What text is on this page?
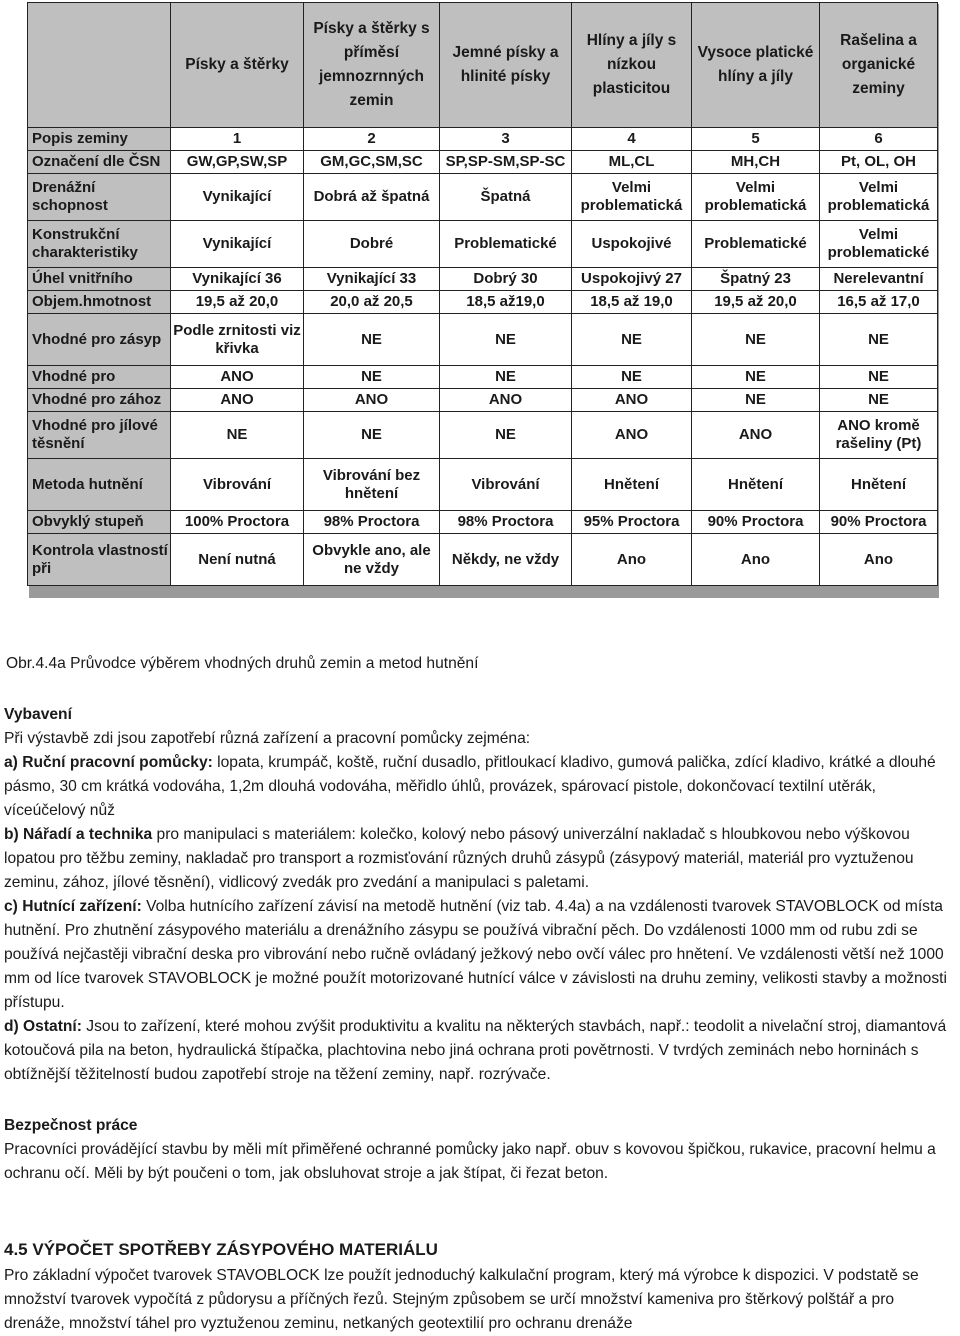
	Písky a štěrky	Písky a štěrky s příměsí jemnozrnných zemin	Jemné písky a hlinité písky	Hlíny a jíly s nízkou plasticitou	Vysoce platické hlíny a jíly	Rašelina a organické zeminy
Popis zeminy	1	2	3	4	5	6
Označení dle ČSN	GW,GP,SW,SP	GM,GC,SM,SC	SP,SP-SM,SP-SC	ML,CL	MH,CH	Pt, OL, OH
Drenážní schopnost	Vynikající	Dobrá až špatná	Špatná	Velmi problematická	Velmi problematická	Velmi problematická
Konstrukční charakteristiky	Vynikající	Dobré	Problematické	Uspokojivé	Problematické	Velmi problematické
Úhel vnitřního	Vynikající 36	Vynikající 33	Dobrý 30	Uspokojivý 27	Špatný 23	Nerelevantní
Objem.hmotnost	19,5 až 20,0	20,0 až 20,5	18,5 až19,0	18,5 až 19,0	19,5 až 20,0	16,5 až 17,0
Vhodné pro zásyp	Podle zrnitosti viz křivka	NE	NE	NE	NE	NE
Vhodné pro	ANO	NE	NE	NE	NE	NE
Vhodné pro zához	ANO	ANO	ANO	ANO	NE	NE
Vhodné pro jílové těsnění	NE	NE	NE	ANO	ANO	ANO kromě rašeliny (Pt)
Metoda hutnění	Vibrování	Vibrování bez hnětení	Vibrování	Hnětení	Hnětení	Hnětení
Obvyklý stupeň	100% Proctora	98% Proctora	98% Proctora	95% Proctora	90% Proctora	90% Proctora
Kontrola vlastností při	Není nutná	Obvykle ano, ale ne vždy	Někdy, ne vždy	Ano	Ano	Ano

Obr.4.4a Průvodce výběrem vhodných druhů zemin a metod hutnění

Vybavení

Při výstavbě zdi jsou zapotřebí různá zařízení a pracovní pomůcky zejména:

a) Ruční pracovní pomůcky: lopata, krumpáč, koště, ruční dusadlo, přitloukací kladivo, gumová palička, zdící kladivo, krátké a dlouhé pásmo, 30 cm krátká vodováha, 1,2m dlouhá vodováha, měřidlo úhlů, provázek, spárovací pistole, dokončovací textilní utěrák, víceúčelový nůž

b) Nářadí a technika pro manipulaci s materiálem: kolečko, kolový nebo pásový univerzální nakladač s hloubkovou nebo výškovou lopatou pro těžbu zeminy, nakladač pro transport a rozmisťování různých druhů zásypů (zásypový materiál, materiál pro vyztuženou zeminu, zához, jílové těsnění), vidlicový zvedák pro zvedání a manipulaci s paletami.

c) Hutnící zařízení: Volba hutnícího zařízení závisí na metodě hutnění (viz tab. 4.4a) a na vzdálenosti tvarovek STAVOBLOCK od místa hutnění. Pro zhutnění zásypového materiálu a drenážního zásypu se používá vibrační pěch. Do vzdálenosti 1000 mm od rubu zdi se používá nejčastěji vibrační deska pro vibrování nebo ručně ovládaný ježkový nebo ovčí válec pro hnětení. Ve vzdálenosti větší než 1000 mm od líce tvarovek STAVOBLOCK je možné použít motorizované hutnící válce v závislosti na druhu zeminy, velikosti stavby a možnosti přístupu.

d) Ostatní: Jsou to zařízení, které mohou zvýšit produktivitu a kvalitu na některých stavbách, např.: teodolit a nivelační stroj, diamantová kotoučová pila na beton, hydraulická štípačka, plachtovina nebo jiná ochrana proti povětrnosti. V tvrdých zeminách nebo horninách s obtížnější těžitelností budou zapotřebí stroje na těžení zeminy, např. rozrývače.

Bezpečnost práce

Pracovníci provádějící stavbu by měli mít přiměřené ochranné pomůcky jako např. obuv s kovovou špičkou, rukavice, pracovní helmu a ochranu očí. Měli by být poučeni o tom, jak obsluhovat stroje a jak štípat, či řezat beton.

4.5 VÝPOČET SPOTŘEBY ZÁSYPOVÉHO MATERIÁLU

Pro základní výpočet tvarovek STAVOBLOCK lze použít jednoduchý kalkulační program, který má výrobce k dispozici. V podstatě se množství tvarovek vypočítá z půdorysu a příčných řezů. Stejným způsobem se určí množství kameniva pro štěrkový polštář a pro drenáže, množství táhel pro vyztuženou zeminu, netkaných geotextilií pro ochranu drenáže
